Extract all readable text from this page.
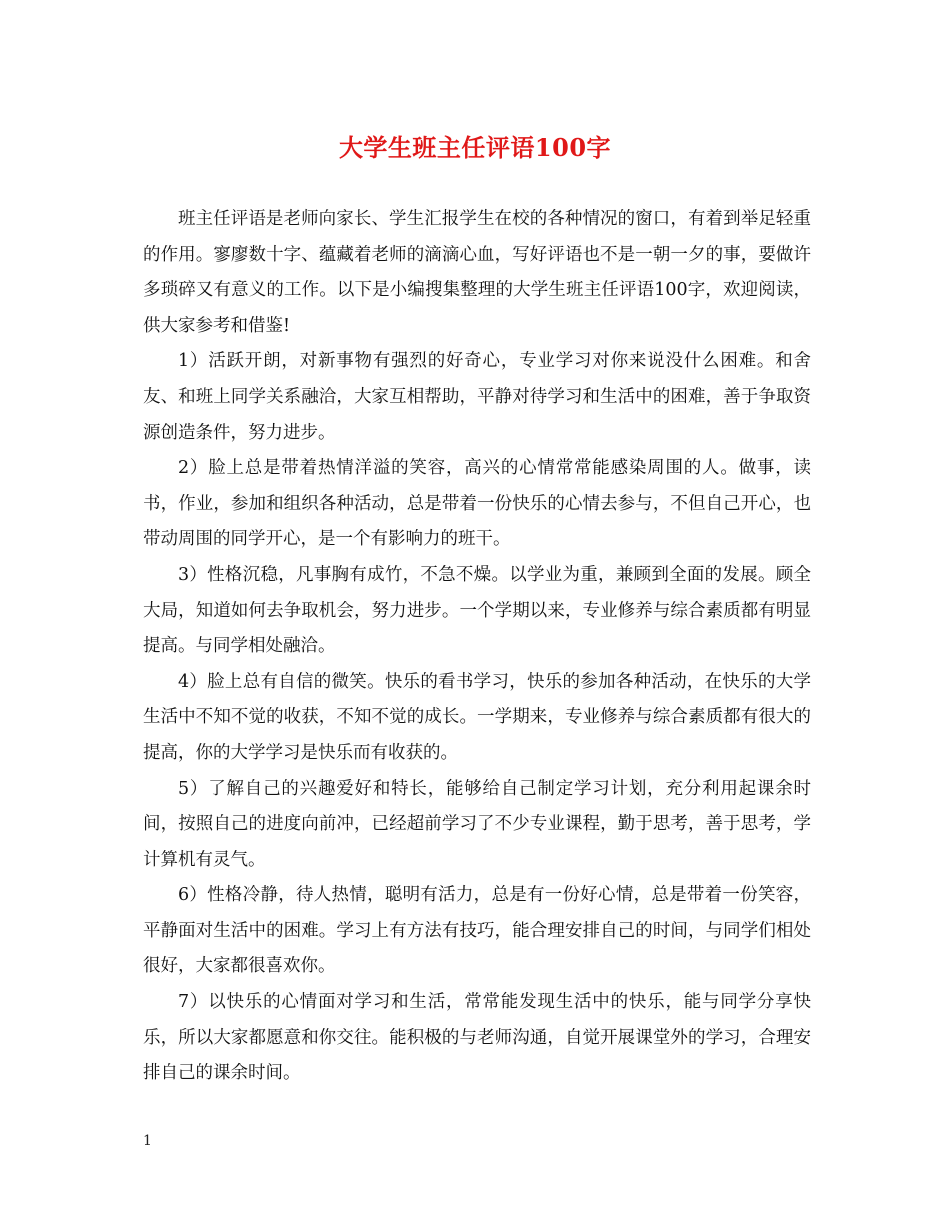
大学生班主任评语100字

班主任评语是老师向家长、学生汇报学生在校的各种情况的窗口，有着到举足轻重的作用。寥廖数十字、蕴藏着老师的滴滴心血，写好评语也不是一朝一夕的事，要做许多琐碎又有意义的工作。以下是小编搜集整理的大学生班主任评语100字，欢迎阅读，供大家参考和借鉴!

1）活跃开朗，对新事物有强烈的好奇心，专业学习对你来说没什么困难。和舍友、和班上同学关系融洽，大家互相帮助，平静对待学习和生活中的困难，善于争取资源创造条件，努力进步。

2）脸上总是带着热情洋溢的笑容，高兴的心情常常能感染周围的人。做事，读书，作业，参加和组织各种活动，总是带着一份快乐的心情去参与，不但自己开心，也带动周围的同学开心，是一个有影响力的班干。

3）性格沉稳，凡事胸有成竹，不急不燥。以学业为重，兼顾到全面的发展。顾全大局，知道如何去争取机会，努力进步。一个学期以来，专业修养与综合素质都有明显提高。与同学相处融洽。

4）脸上总有自信的微笑。快乐的看书学习，快乐的参加各种活动，在快乐的大学生活中不知不觉的收获，不知不觉的成长。一学期来，专业修养与综合素质都有很大的提高，你的大学学习是快乐而有收获的。

5）了解自己的兴趣爱好和特长，能够给自己制定学习计划，充分利用起课余时间，按照自己的进度向前冲，已经超前学习了不少专业课程，勤于思考，善于思考，学计算机有灵气。

6）性格冷静，待人热情，聪明有活力，总是有一份好心情，总是带着一份笑容，平静面对生活中的困难。学习上有方法有技巧，能合理安排自己的时间，与同学们相处很好，大家都很喜欢你。

7）以快乐的心情面对学习和生活，常常能发现生活中的快乐，能与同学分享快乐，所以大家都愿意和你交往。能积极的与老师沟通，自觉开展课堂外的学习，合理安排自己的课余时间。

1
